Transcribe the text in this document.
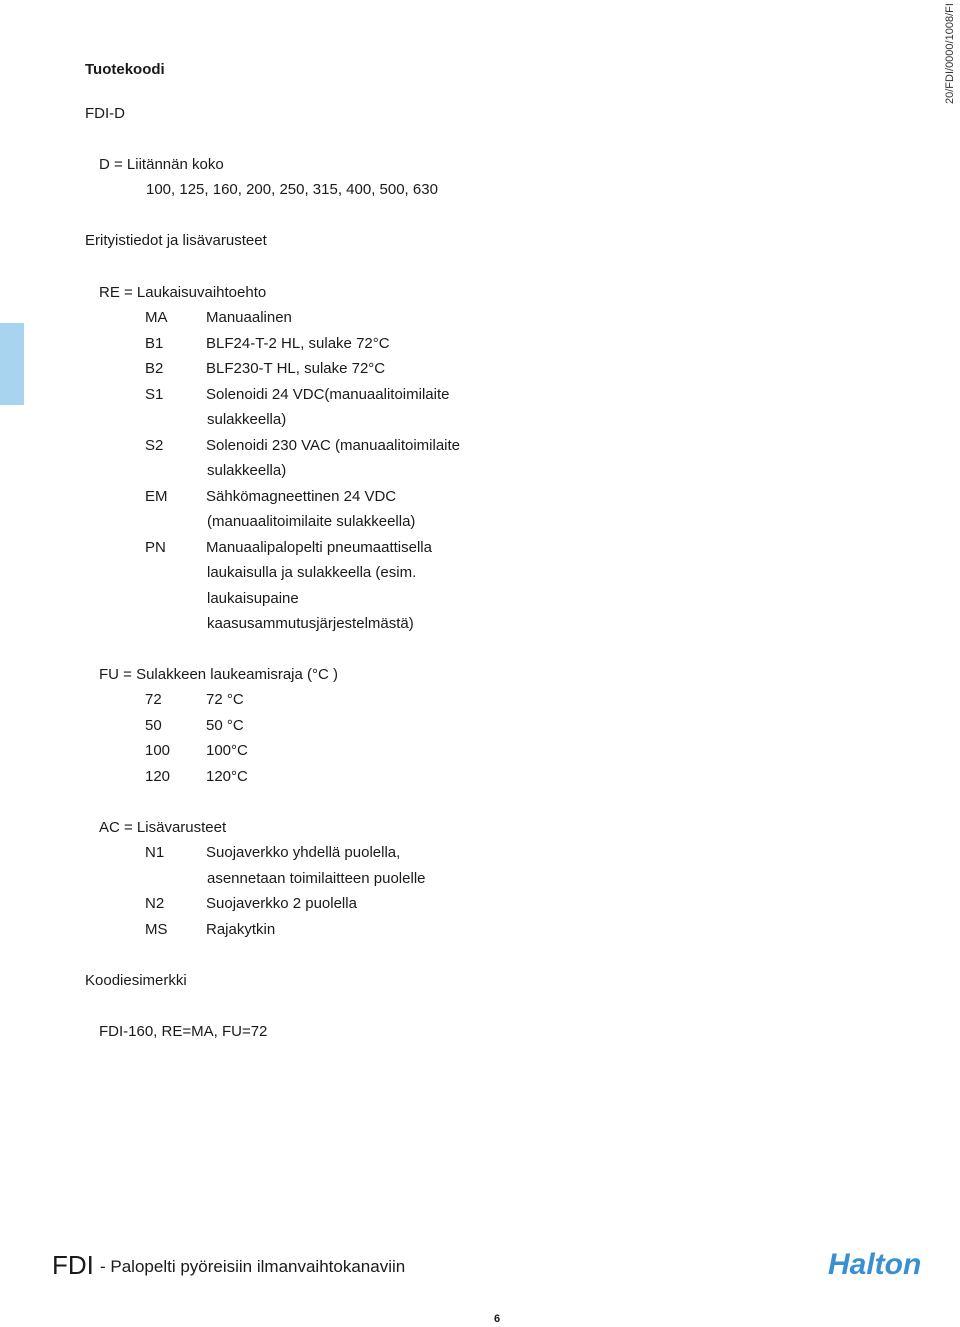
20/FDI/0000/1008/FI
Tuotekoodi
FDI-D
D = Liitännän koko
100, 125, 160, 200, 250, 315, 400, 500, 630
Erityistiedot ja lisävarusteet
RE = Laukaisuvaihtoehto
MA	Manuaalinen
B1	BLF24-T-2 HL, sulake 72°C
B2	BLF230-T HL, sulake 72°C
S1	Solenoidi 24 VDC(manuaalitoimilaite
sulakkeella)
S2	Solenoidi 230 VAC (manuaalitoimilaite
sulakkeella)
EM	Sähkömagneettinen 24 VDC
(manuaalitoimilaite sulakkeella)
PN	Manuaalipalopelti pneumaattisella
laukaisulla ja sulakkeella (esim.
laukaisupaine
kaasusammutusjärjestelmästä)
FU = Sulakkeen laukeamisraja (°C )
72	72 °C
50	50 °C
100 100°C
120 120°C
AC = Lisävarusteet
N1	Suojaverkko yhdellä puolella,
asennetaan toimilaitteen puolelle
N2	Suojaverkko 2 puolella
MS	Rajakytkin
Koodiesimerkki
FDI-160, RE=MA, FU=72
FDI - Palopelti pyöreisiin ilmanvaihtokanaviin	Halton
6
